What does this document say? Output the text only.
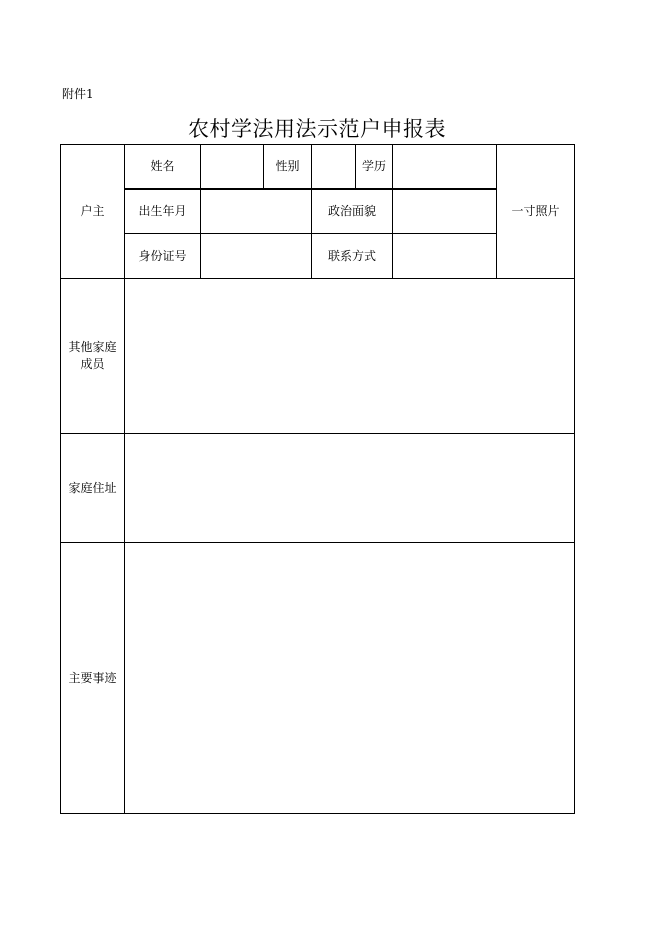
附件1
农村学法用法示范户申报表
户主
姓名	性别	学历
出生年月	政治面貌
身份证号	联系方式
一寸照片
其他家庭
成员
家庭住址
主要事迹
